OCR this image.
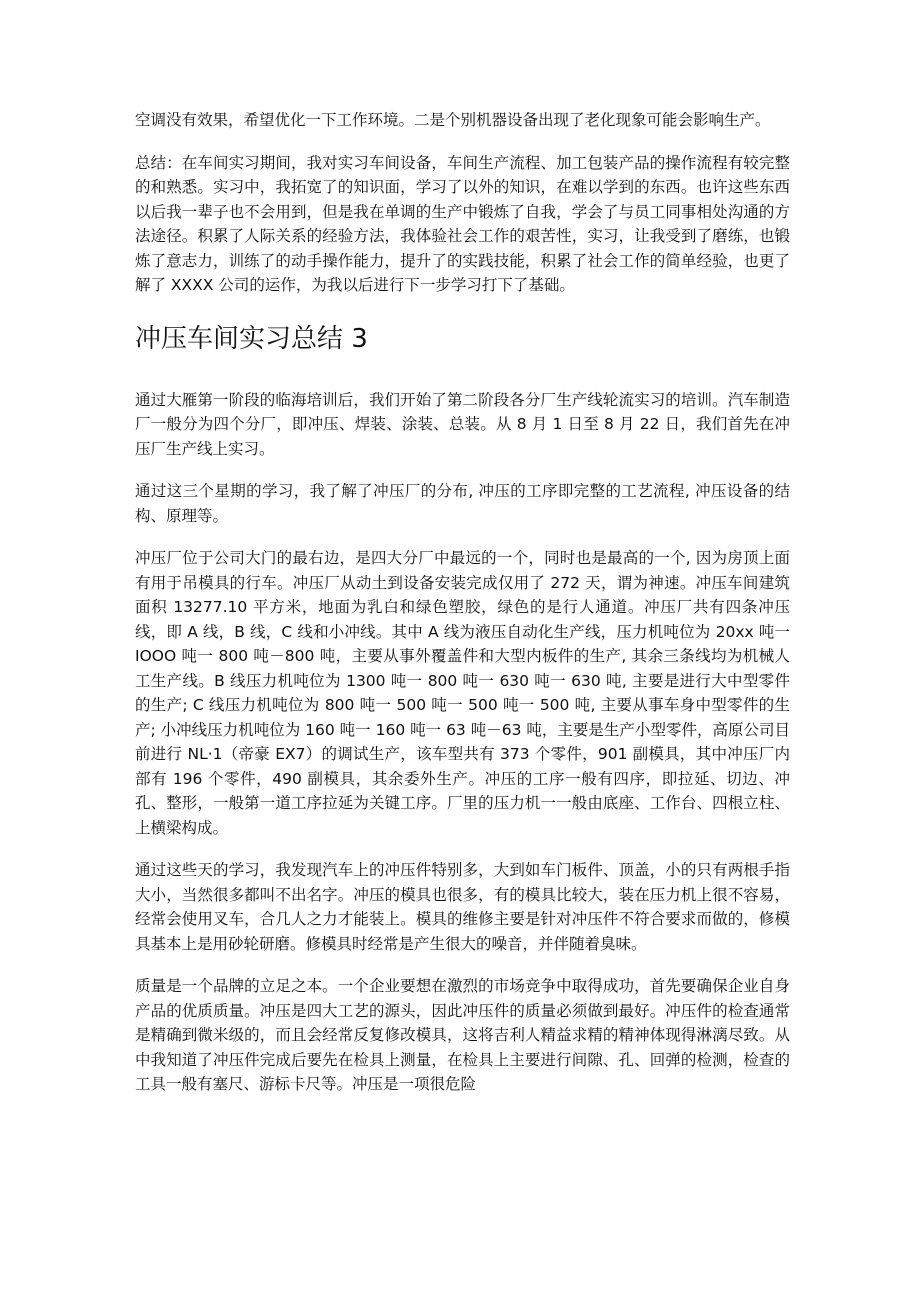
空调没有效果，希望优化一下工作环境。二是个别机器设备出现了老化现象可能会影响生产。

总结：在车间实习期间，我对实习车间设备，车间生产流程、加工包装产品的操作流程有较完整的和熟悉。实习中，我拓宽了的知识面，学习了以外的知识，在难以学到的东西。也许这些东西以后我一辈子也不会用到，但是我在单调的生产中锻炼了自我，学会了与员工同事相处沟通的方法途径。积累了人际关系的经验方法，我体验社会工作的艰苦性，实习，让我受到了磨练，也锻炼了意志力，训练了的动手操作能力，提升了的实践技能，积累了社会工作的简单经验，也更了解了 XXXX 公司的运作，为我以后进行下一步学习打下了基础。

冲压车间实习总结 3

通过大雁第一阶段的临海培训后，我们开始了第二阶段各分厂生产线轮流实习的培训。汽车制造厂一般分为四个分厂，即冲压、焊装、涂装、总装。从 8 月 1 日至 8 月 22 日，我们首先在冲压厂生产线上实习。

通过这三个星期的学习，我了解了冲压厂的分布, 冲压的工序即完整的工艺流程, 冲压设备的结构、原理等。

冲压厂位于公司大门的最右边，是四大分厂中最远的一个，同时也是最高的一个, 因为房顶上面有用于吊模具的行车。冲压厂从动土到设备安装完成仅用了 272 天，谓为神速。冲压车间建筑面积 13277.10 平方米，地面为乳白和绿色塑胶，绿色的是行人通道。冲压厂共有四条冲压线，即 A 线，B 线，C 线和小冲线。其中 A 线为液压自动化生产线，压力机吨位为 20xx 吨一 IOOO 吨一 800 吨－800 吨，主要从事外覆盖件和大型内板件的生产, 其余三条线均为机械人工生产线。B 线压力机吨位为 1300 吨一 800 吨一 630 吨一 630 吨, 主要是进行大中型零件的生产; C 线压力机吨位为 800 吨一 500 吨一 500 吨一 500 吨, 主要从事车身中型零件的生产; 小冲线压力机吨位为 160 吨一 160 吨一 63 吨－63 吨，主要是生产小型零件，高原公司目前进行 NL·1（帝豪 EX7）的调试生产，该车型共有 373 个零件，901 副模具，其中冲压厂内部有 196 个零件，490 副模具，其余委外生产。冲压的工序一般有四序，即拉延、切边、冲孔、整形，一般第一道工序拉延为关键工序。厂里的压力机一一般由底座、工作台、四根立柱、上横梁构成。

通过这些天的学习，我发现汽车上的冲压件特别多，大到如车门板件、顶盖，小的只有两根手指大小，当然很多都叫不出名字。冲压的模具也很多，有的模具比较大，装在压力机上很不容易，经常会使用叉车，合几人之力才能装上。模具的维修主要是针对冲压件不符合要求而做的，修模具基本上是用砂轮研磨。修模具时经常是产生很大的噪音，并伴随着臭味。

质量是一个品牌的立足之本。一个企业要想在激烈的市场竞争中取得成功，首先要确保企业自身产品的优质质量。冲压是四大工艺的源头，因此冲压件的质量必须做到最好。冲压件的检查通常是精确到微米级的，而且会经常反复修改模具，这将吉利人精益求精的精神体现得淋漓尽致。从中我知道了冲压件完成后要先在检具上测量，在检具上主要进行间隙、孔、回弹的检测，检查的工具一般有塞尺、游标卡尺等。冲压是一项很危险
